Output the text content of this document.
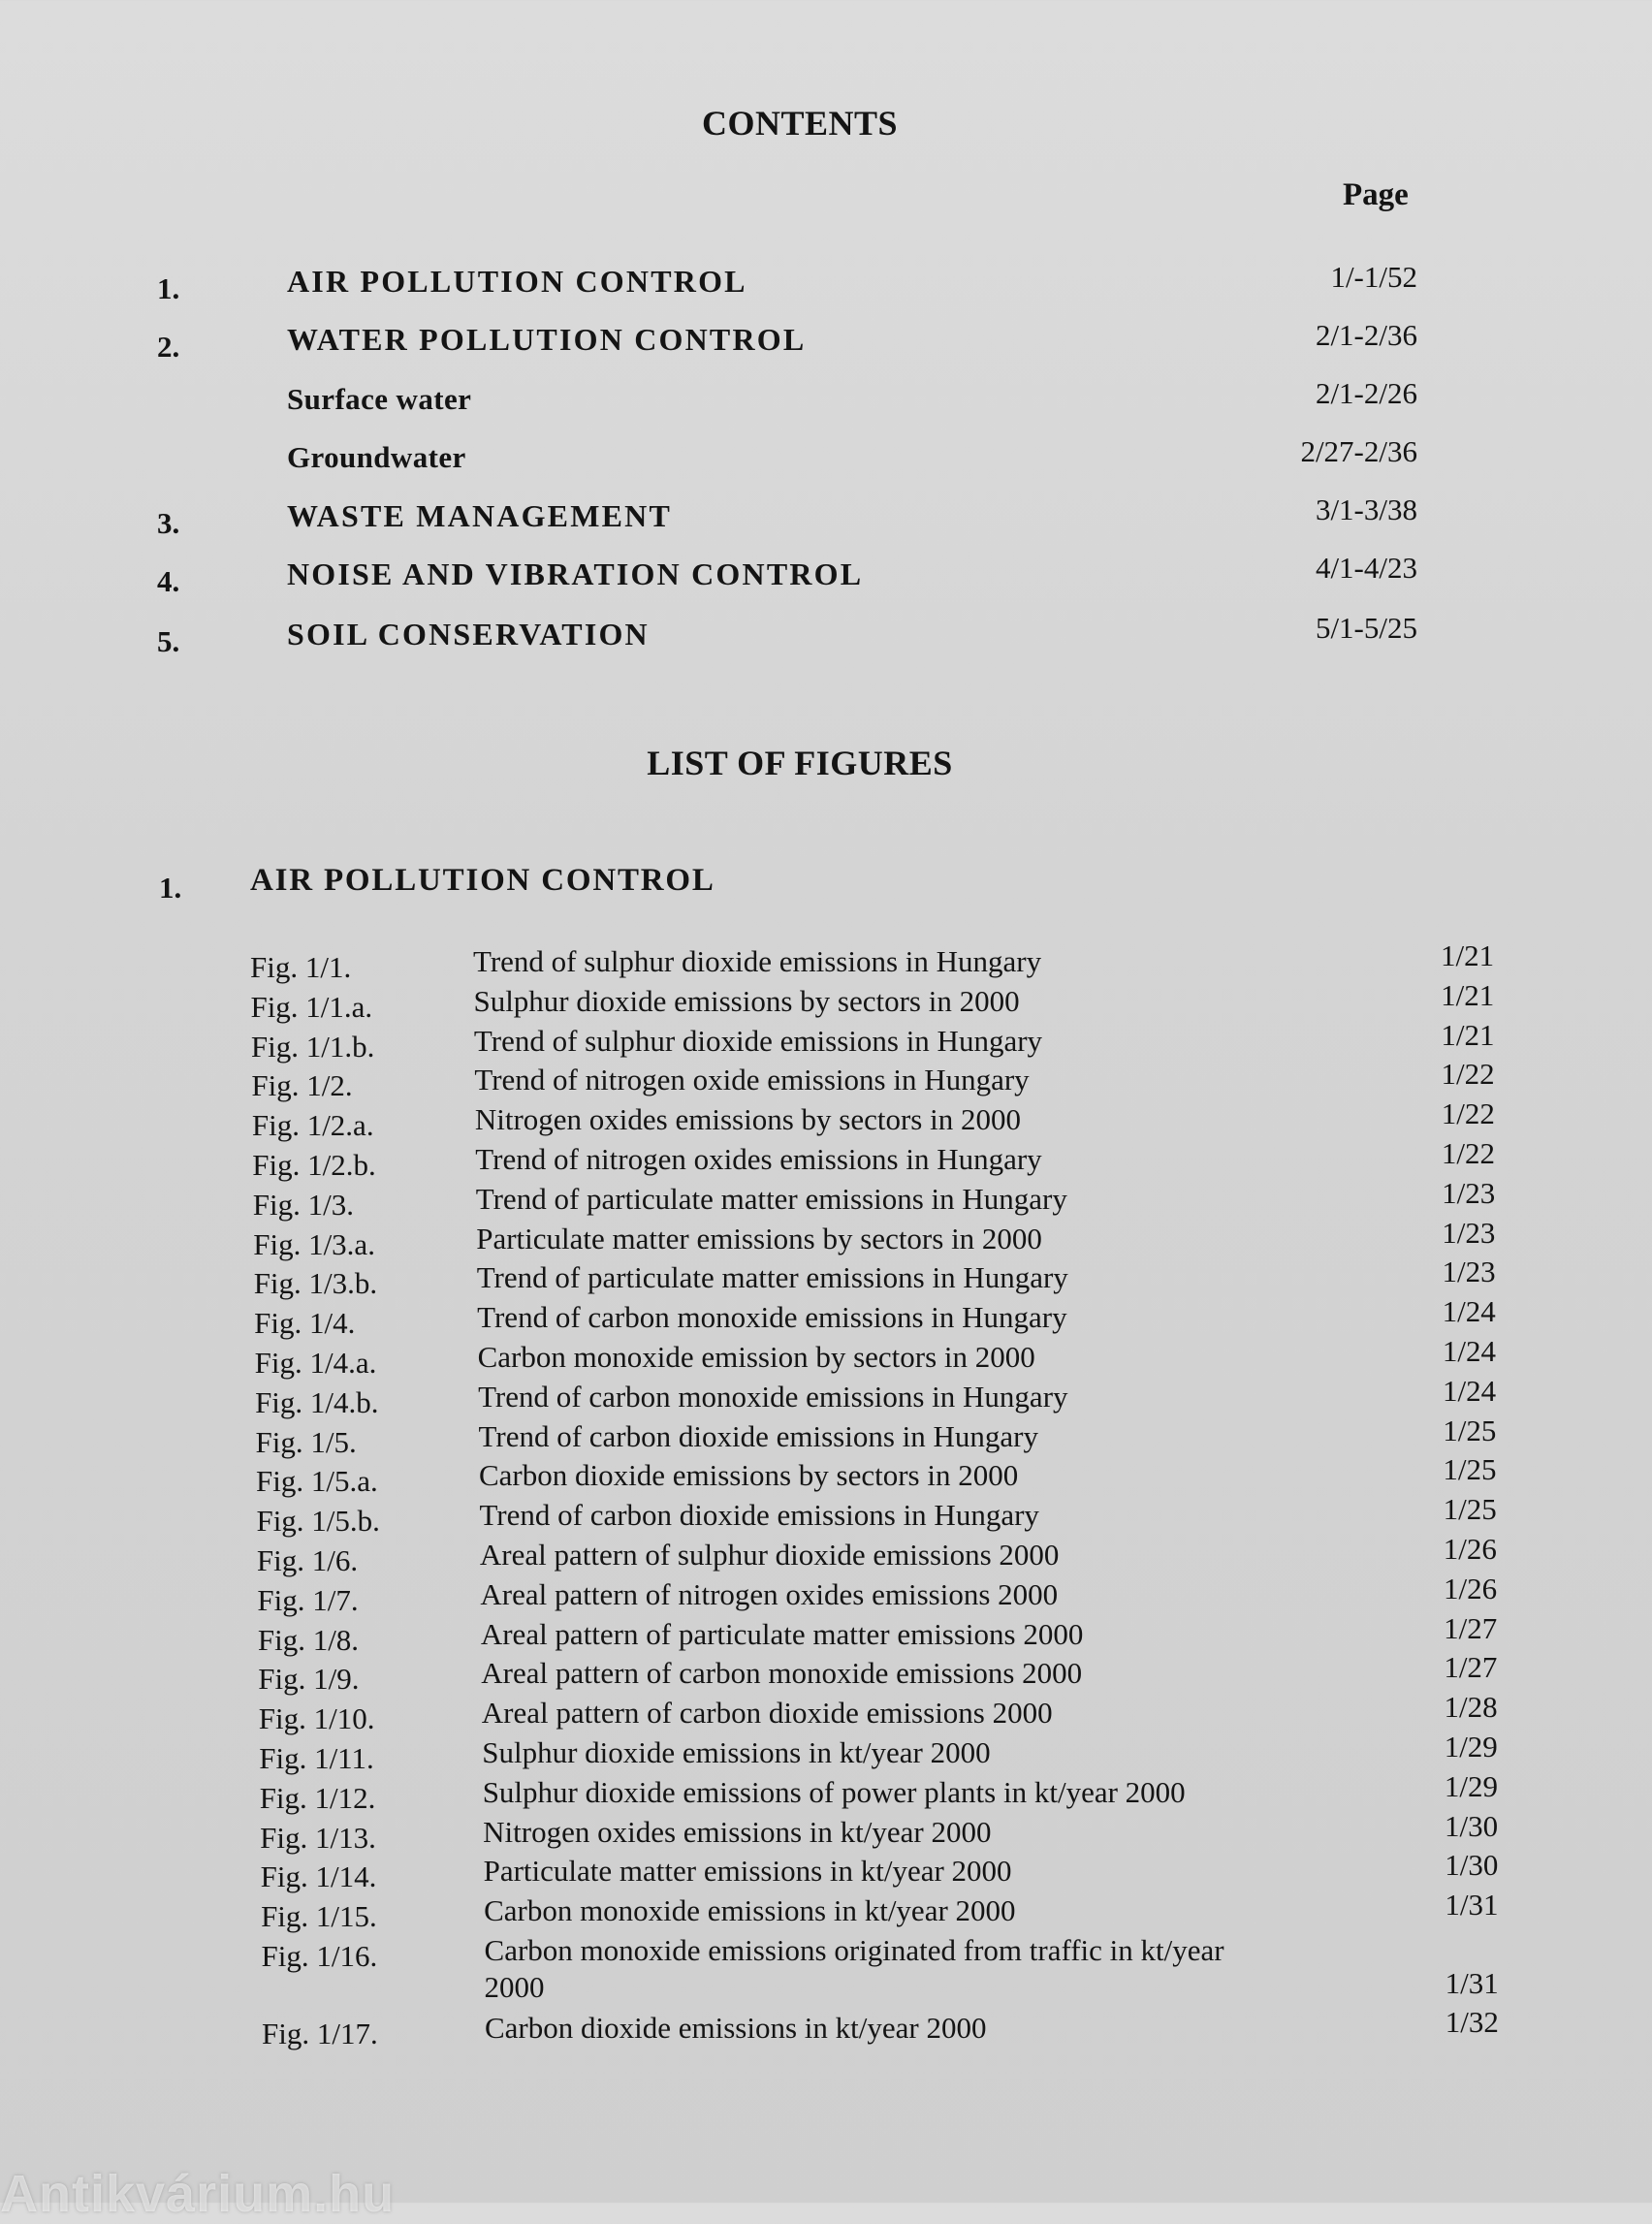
CONTENTS
Page
1.	AIR POLLUTION CONTROL	1/-1/52
2.	WATER POLLUTION CONTROL	2/1-2/36
Surface water	2/1-2/26
Groundwater	2/27-2/36
3.	WASTE MANAGEMENT	3/1-3/38
4.	NOISE AND VIBRATION CONTROL	4/1-4/23
5.	SOIL CONSERVATION	5/1-5/25
LIST OF FIGURES
1. AIR POLLUTION CONTROL
Fig. 1/1.	Trend of sulphur dioxide emissions in Hungary	1/21
Fig. 1/1.a.	Sulphur dioxide emissions by sectors in 2000	1/21
Fig. 1/1.b.	Trend of sulphur dioxide emissions in Hungary	1/21
Fig. 1/2.	Trend of nitrogen oxide emissions in Hungary	1/22
Fig. 1/2.a.	Nitrogen oxides emissions by sectors in 2000	1/22
Fig. 1/2.b.	Trend of nitrogen oxides emissions in Hungary	1/22
Fig. 1/3.	Trend of particulate matter emissions in Hungary	1/23
Fig. 1/3.a.	Particulate matter emissions by sectors in 2000	1/23
Fig. 1/3.b.	Trend of particulate matter emissions in Hungary	1/23
Fig. 1/4.	Trend of carbon monoxide emissions in Hungary	1/24
Fig. 1/4.a.	Carbon monoxide emission by sectors in 2000	1/24
Fig. 1/4.b.	Trend of carbon monoxide emissions in Hungary	1/24
Fig. 1/5.	Trend of carbon dioxide emissions in Hungary	1/25
Fig. 1/5.a.	Carbon dioxide emissions by sectors in 2000	1/25
Fig. 1/5.b.	Trend of carbon dioxide emissions in Hungary	1/25
Fig. 1/6.	Areal pattern of sulphur dioxide emissions 2000	1/26
Fig. 1/7.	Areal pattern of nitrogen oxides emissions 2000	1/26
Fig. 1/8.	Areal pattern of particulate matter emissions 2000	1/27
Fig. 1/9.	Areal pattern of carbon monoxide emissions 2000	1/27
Fig. 1/10.	Areal pattern of carbon dioxide emissions 2000	1/28
Fig. 1/11.	Sulphur dioxide emissions in kt/year 2000	1/29
Fig. 1/12.	Sulphur dioxide emissions of power plants in kt/year 2000	1/29
Fig. 1/13.	Nitrogen oxides emissions in kt/year 2000	1/30
Fig. 1/14.	Particulate matter emissions in kt/year 2000	1/30
Fig. 1/15.	Carbon monoxide emissions in kt/year 2000	1/31
Fig. 1/16.	Carbon monoxide emissions originated from traffic in kt/year
2000	1/31
Fig. 1/17.	Carbon dioxide emissions in kt/year 2000	1/32
Antikvárium.hu
